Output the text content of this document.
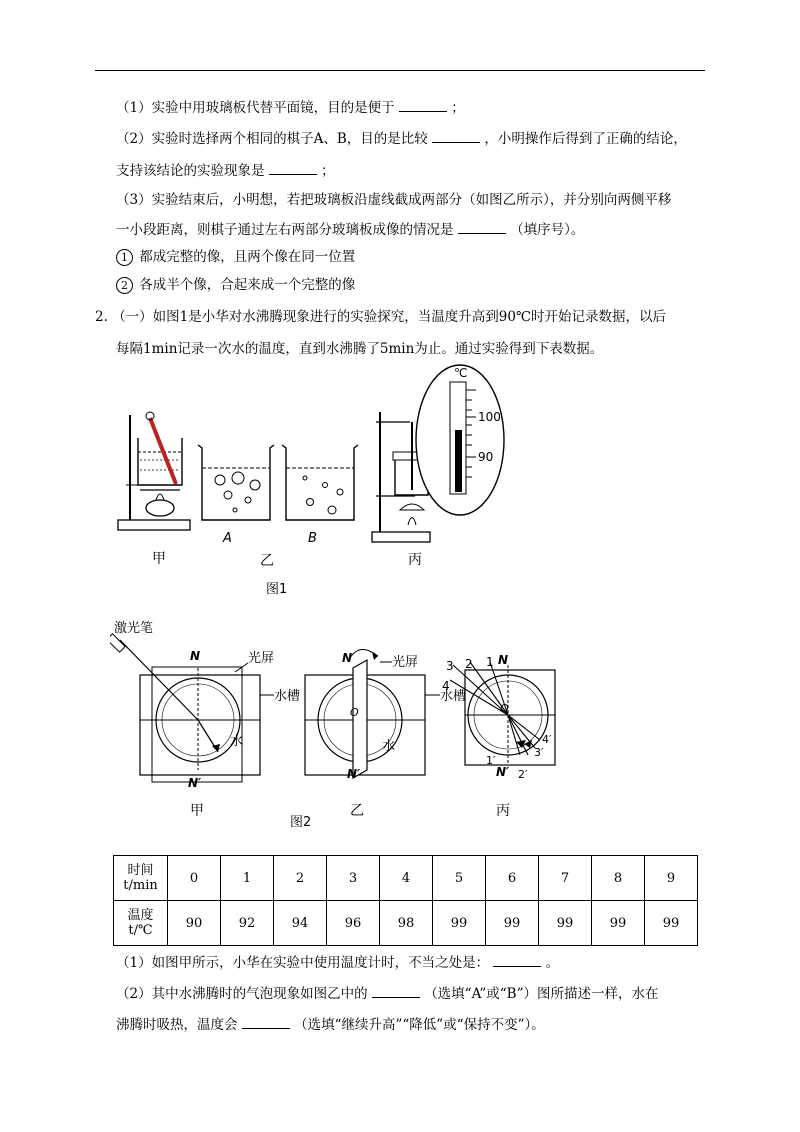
（1）实验中用玻璃板代替平面镜，目的是便于	；
（2）实验时选择两个相同的棋子A、B，目的是比较	，小明操作后得到了正确的结论，
支持该结论的实验现象是	；
（3）实验结束后，小明想，若把玻璃板沿虚线截成两部分（如图乙所示），并分别向两侧平移
一小段距离，则棋子通过左右两部分玻璃板成像的情况是	（填序号）。
1 都成完整的像，且两个像在同一位置
2 各成半个像，合起来成一个完整的像
2. （一）如图1是小华对水沸腾现象进行的实验探究，当温度升高到90℃时开始记录数据，以后
每隔1min记录一次水的温度，直到水沸腾了5min为止。通过实验得到下表数据。
甲
A
乙
B
℃
100
90
丙
图1
激光笔
N	光屏
水槽
水
N′
甲
N	光屏
水槽
O
水
N′
乙
3 2 1 N
4
O
4′
3′
1′
N′ 2′
丙
图2
时间
t/min	0	1	2	3	4	5	6	7	8	9
温度
t/℃	90	92	94	96	98	99	99	99	99	99
（1）如图甲所示，小华在实验中使用温度计时，不当之处是：	。
（2）其中水沸腾时的气泡现象如图乙中的	（选填“A”或“B”）图所描述一样，水在
沸腾时吸热，温度会	（选填“继续升高”“降低”或“保持不变”）。
